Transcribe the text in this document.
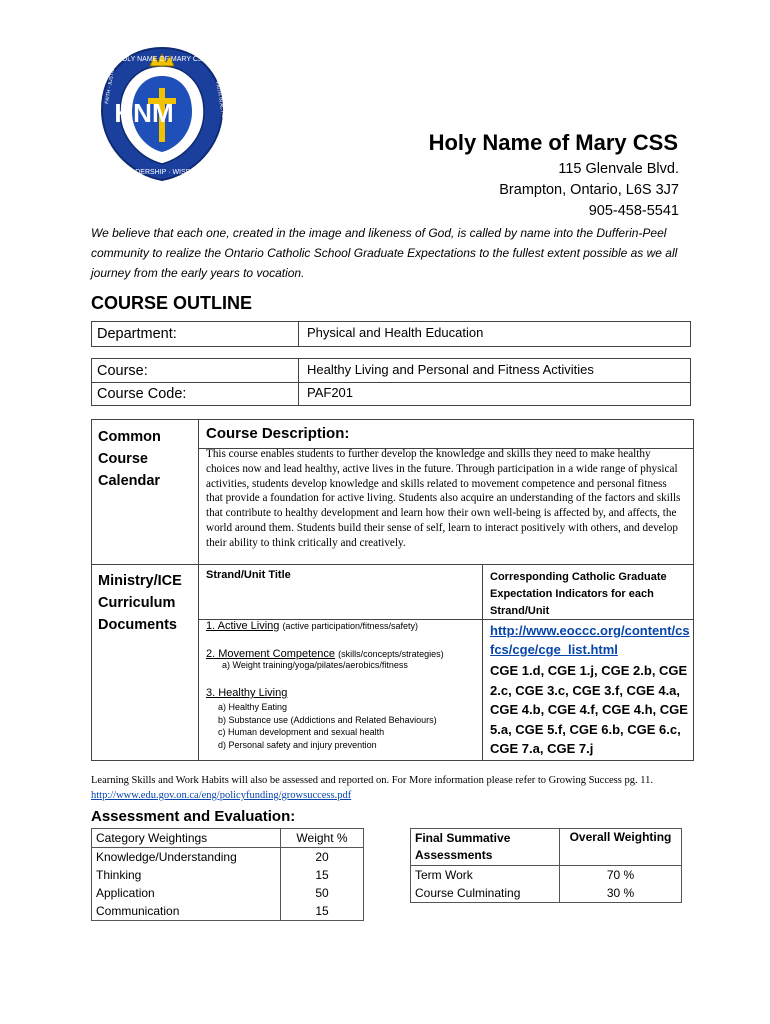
HNM
LEADERSHIP · WISDOM
HOLY NAME OF MARY CSS
FAITH · JUSTICE	FAITH IN ACTION
Holy Name of Mary CSS
115 Glenvale Blvd.
Brampton, Ontario, L6S 3J7
905-458-5541
We believe that each one, created in the image and likeness of God, is called by name into the Dufferin-Peel community to realize the Ontario Catholic School Graduate Expectations to the fullest extent possible as we all journey from the early years to vocation.
COURSE OUTLINE
Department:	Physical and Health Education
Course:	Healthy Living and Personal and Fitness Activities
Course Code:	PAF201
Common
Course
Calendar
Course Description:
This course enables students to further develop the knowledge and skills they need to make healthy choices now and lead healthy, active lives in the future. Through participation in a wide range of physical activities, students develop knowledge and skills related to movement competence and personal fitness that provide a foundation for active living. Students also acquire an understanding of the factors and skills that contribute to healthy development and learn how their own well-being is affected by, and affects, the world around them. Students build their sense of self, learn to interact positively with others, and develop their ability to think critically and creatively.
Ministry/ICE
Curriculum
Documents
Strand/Unit Title	Corresponding Catholic Graduate Expectation Indicators for each Strand/Unit
1. Active Living (active participation/fitness/safety)
2. Movement Competence (skills/concepts/strategies)
a) Weight training/yoga/pilates/aerobics/fitness
3. Healthy Living
a) Healthy Eating
b) Substance use (Addictions and Related Behaviours)
c) Human development and sexual health
d) Personal safety and injury prevention
http://www.eoccc.org/content/csfcs/cge/cge_list.html
CGE 1.d, CGE 1.j, CGE 2.b, CGE 2.c, CGE 3.c, CGE 3.f, CGE 4.a, CGE 4.b, CGE 4.f, CGE 4.h, CGE 5.a, CGE 5.f, CGE 6.b, CGE 6.c, CGE 7.a, CGE 7.j
Learning Skills and Work Habits will also be assessed and reported on. For More information please refer to Growing Success pg. 11. http://www.edu.gov.on.ca/eng/policyfunding/growsuccess.pdf
Assessment and Evaluation:
Category Weightings	Weight %
Knowledge/Understanding	20
Thinking	15
Application	50
Communication	15
Final Summative Assessments	Overall Weighting
Term Work	70 %
Course Culminating	30 %
